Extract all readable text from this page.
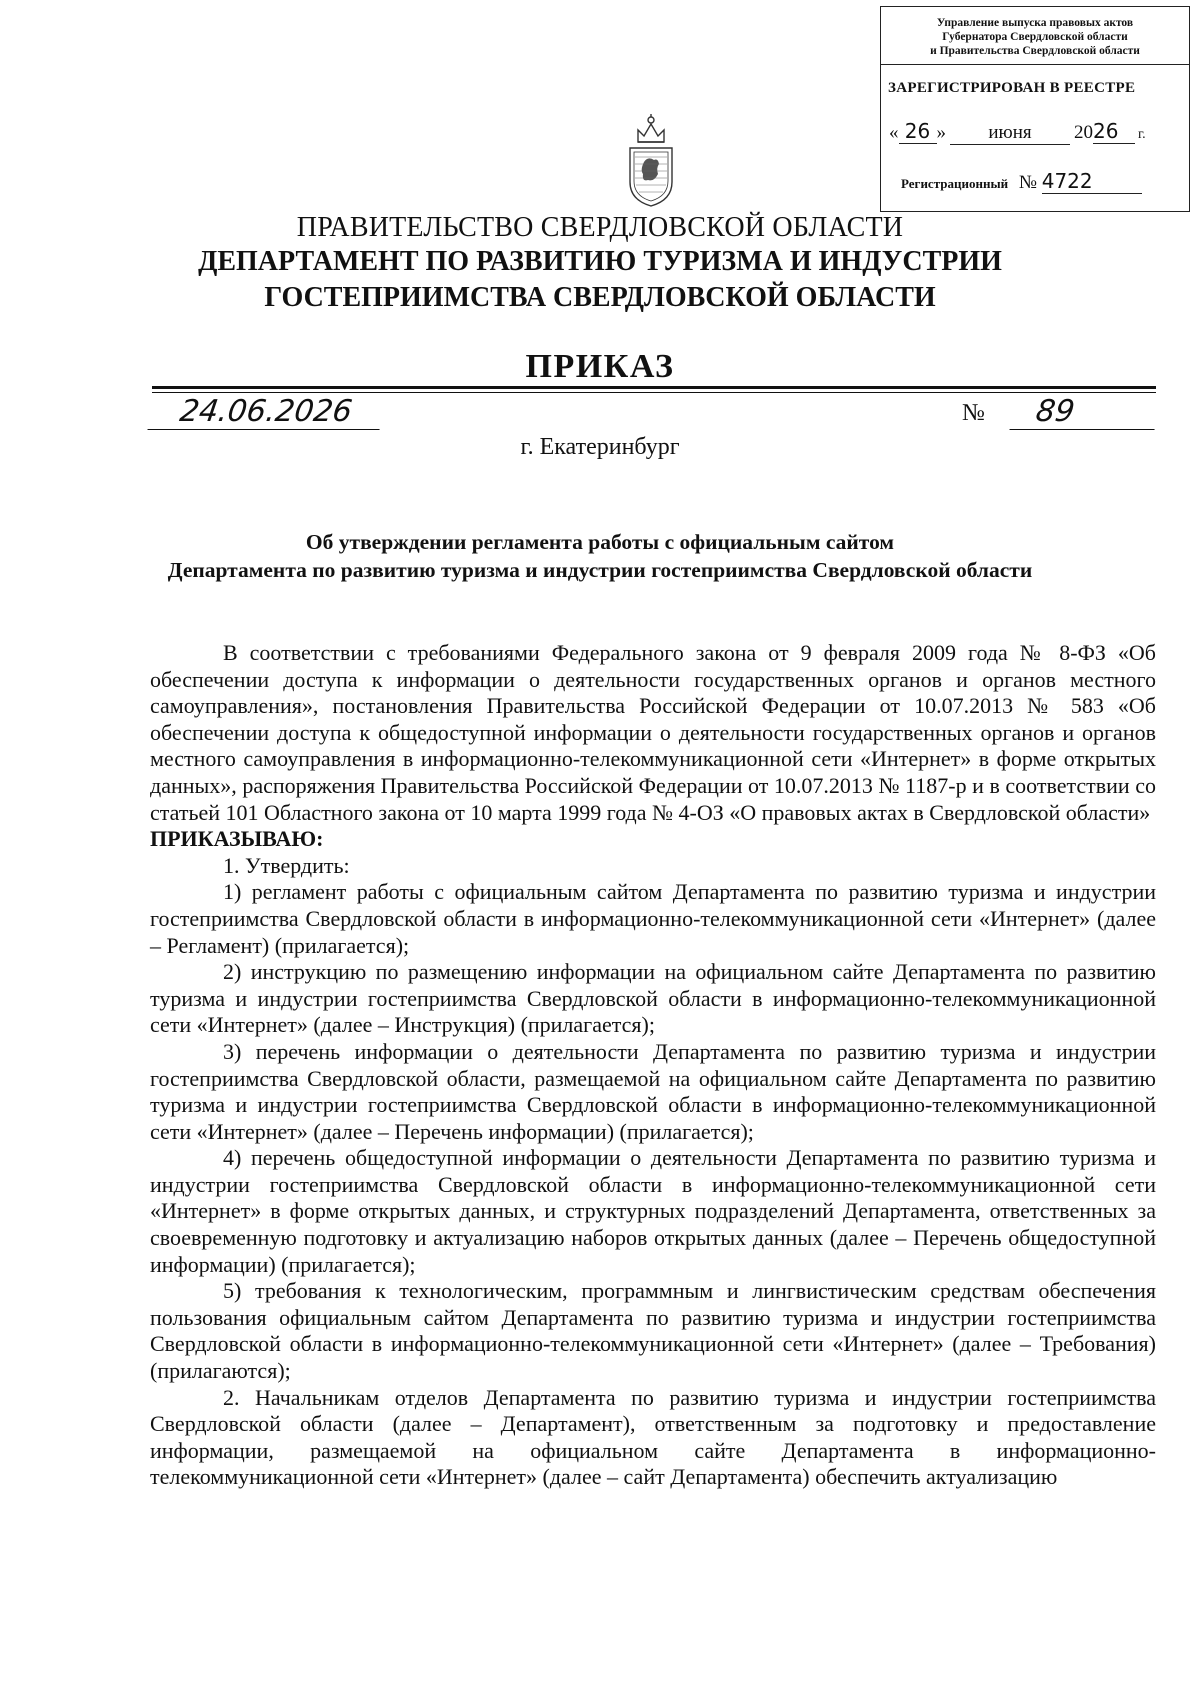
Управление выпуска правовых актов
Губернатора Свердловской области
и Правительства Свердловской области
ЗАРЕГИСТРИРОВАН В РЕЕСТРЕ
« 26 » июня 2026 г.
Регистрационный № 4722
ПРАВИТЕЛЬСТВО СВЕРДЛОВСКОЙ ОБЛАСТИ
ДЕПАРТАМЕНТ ПО РАЗВИТИЮ ТУРИЗМА И ИНДУСТРИИ
ГОСТЕПРИИМСТВА СВЕРДЛОВСКОЙ ОБЛАСТИ
ПРИКАЗ
24.06.2026	№	89
г. Екатеринбург
Об утверждении регламента работы с официальным сайтом
Департамента по развитию туризма и индустрии гостеприимства Свердловской области

В соответствии с требованиями Федерального закона от 9 февраля 2009 года № 8-ФЗ «Об обеспечении доступа к информации о деятельности государственных органов и органов местного самоуправления», постановления Правительства Российской Федерации от 10.07.2013 № 583 «Об обеспечении доступа к общедоступной информации о деятельности государственных органов и органов местного самоуправления в информационно-телекоммуникационной сети «Интернет» в форме открытых данных», распоряжения Правительства Российской Федерации от 10.07.2013 № 1187-р и в соответствии со статьей 101 Областного закона от 10 марта 1999 года № 4-ОЗ «О правовых актах в Свердловской области»

ПРИКАЗЫВАЮ:

1. Утвердить:

1) регламент работы с официальным сайтом Департамента по развитию туризма и индустрии гостеприимства Свердловской области в информационно-телекоммуникационной сети «Интернет» (далее – Регламент) (прилагается);

2) инструкцию по размещению информации на официальном сайте Департамента по развитию туризма и индустрии гостеприимства Свердловской области в информационно-телекоммуникационной сети «Интернет» (далее – Инструкция) (прилагается);

3) перечень информации о деятельности Департамента по развитию туризма и индустрии гостеприимства Свердловской области, размещаемой на официальном сайте Департамента по развитию туризма и индустрии гостеприимства Свердловской области в информационно-телекоммуникационной сети «Интернет» (далее – Перечень информации) (прилагается);

4) перечень общедоступной информации о деятельности Департамента по развитию туризма и индустрии гостеприимства Свердловской области в информационно-телекоммуникационной сети «Интернет» в форме открытых данных, и структурных подразделений Департамента, ответственных за своевременную подготовку и актуализацию наборов открытых данных (далее – Перечень общедоступной информации) (прилагается);

5) требования к технологическим, программным и лингвистическим средствам обеспечения пользования официальным сайтом Департамента по развитию туризма и индустрии гостеприимства Свердловской области в информационно-телекоммуникационной сети «Интернет» (далее – Требования) (прилагаются);

2. Начальникам отделов Департамента по развитию туризма и индустрии гостеприимства Свердловской области (далее – Департамент), ответственным за подготовку и предоставление информации, размещаемой на официальном сайте Департамента в информационно-телекоммуникационной сети «Интернет» (далее – сайт Департамента) обеспечить актуализацию
